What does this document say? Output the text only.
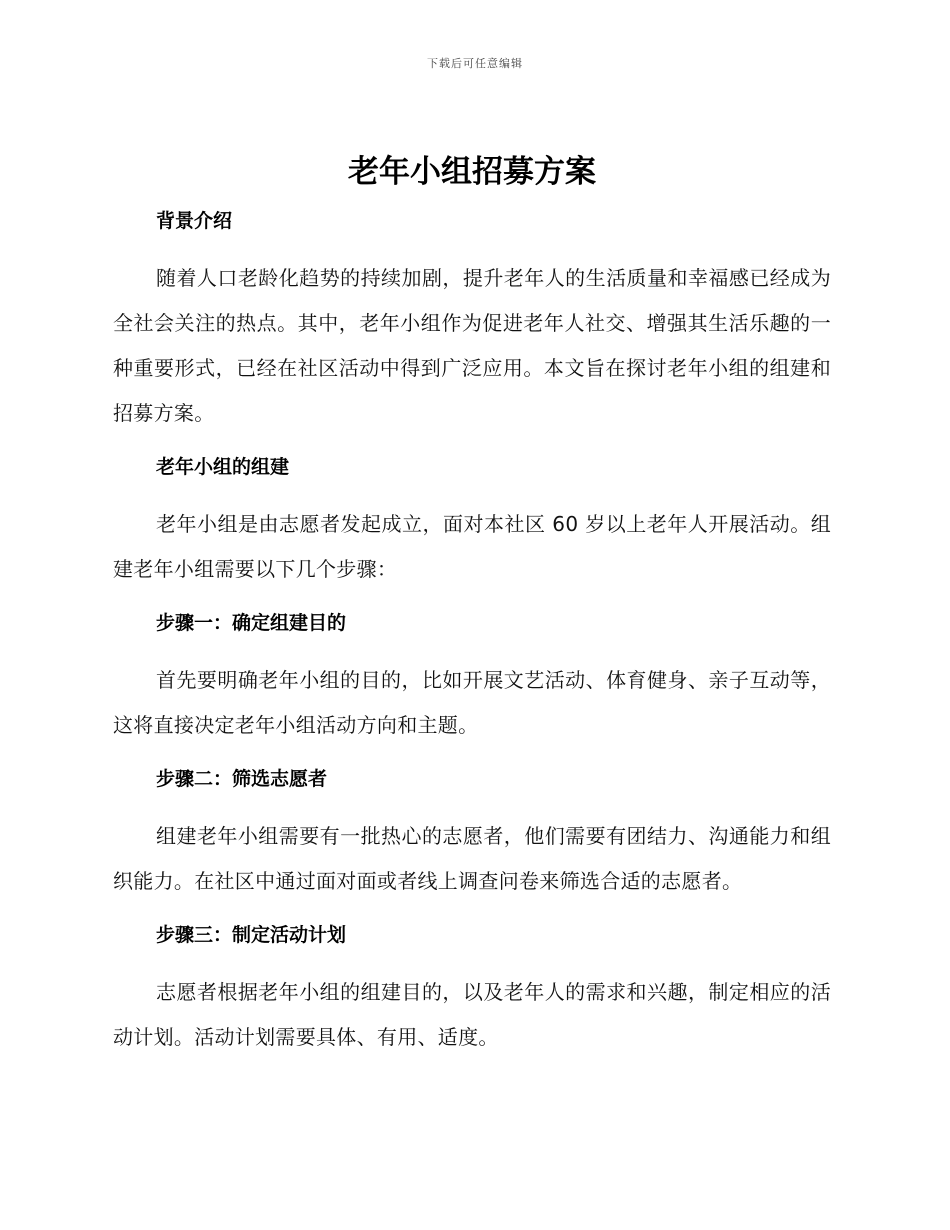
下载后可任意编辑
老年小组招募方案

背景介绍

随着人口老龄化趋势的持续加剧，提升老年人的生活质量和幸福感已经成为全社会关注的热点。其中，老年小组作为促进老年人社交、增强其生活乐趣的一种重要形式，已经在社区活动中得到广泛应用。本文旨在探讨老年小组的组建和招募方案。

老年小组的组建

老年小组是由志愿者发起成立，面对本社区 60 岁以上老年人开展活动。组建老年小组需要以下几个步骤：

步骤一：确定组建目的

首先要明确老年小组的目的，比如开展文艺活动、体育健身、亲子互动等，这将直接决定老年小组活动方向和主题。

步骤二：筛选志愿者

组建老年小组需要有一批热心的志愿者，他们需要有团结力、沟通能力和组织能力。在社区中通过面对面或者线上调查问卷来筛选合适的志愿者。

步骤三：制定活动计划

志愿者根据老年小组的组建目的，以及老年人的需求和兴趣，制定相应的活动计划。活动计划需要具体、有用、适度。
